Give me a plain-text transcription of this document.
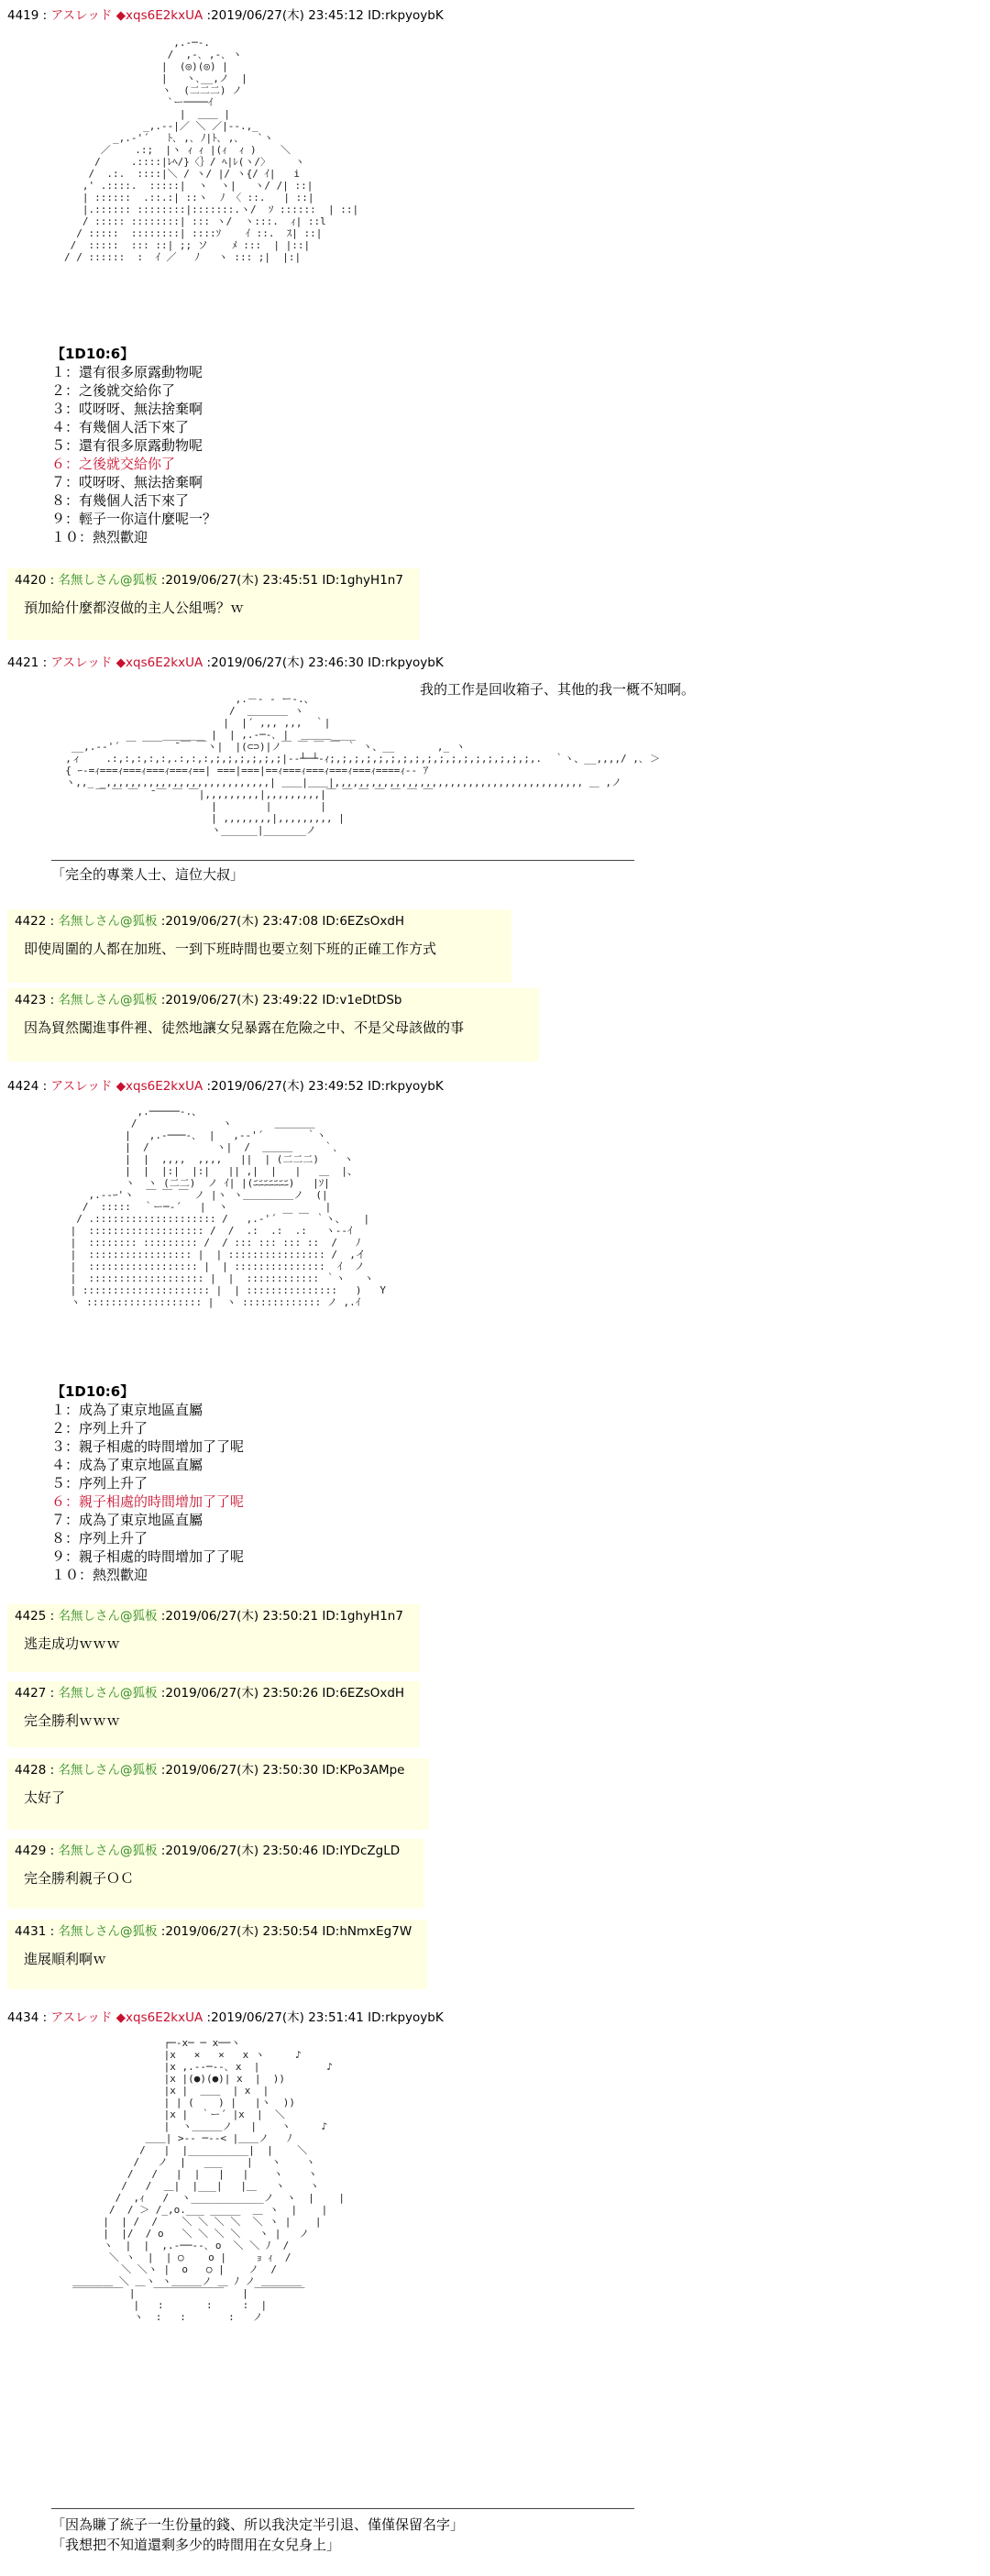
4419 : アスレッド ◆xqs6E2kxUA :2019/06/27(木) 23:45:12 ID:rkpyoybK
,.-─-.
/  ,-､ ,-､ ヽ
|  (◎)(◎) |
|   ヽ､__,ノ  |
ヽ  (二二二) ノ
`ー────ｲ
|  ＿＿ |
_,.-‐|／ ＼ ／|‐-.,_
_,.-'´   ﾄ､ ,､ ﾉ|ﾄ､ ,､   `ヽ
／    .:;  |ヽ ｨ ｨ |(ｨ  ｨ )    ＼
/     .::::|ﾚﾍ/}〈｝/ ﾍ|ﾚ(ヽ/〉    ヽ
/  .:.  ::::|＼ / ヽ/ |/ ヽ{/ ｲ|   i
,' .::::.  :::::|  ヽ  ヽ|   ヽ/ /| ::|
| ::::::  .::.:| ::ヽ  ﾉ 〈 ::.   | ::|
|.:::::: ::::::::|:::::::.ヽ/  ｿ ::::::  | ::|
/ ::::: ::::::::| ::: ヽ/  ヽ:::.  ｨ| ::l
/ :::::  ::::::::| ::::ｿ    ｲ ::.  ｽ| ::|
/  :::::  ::: ::| ;; ソ    ﾒ :::  | |::|
/ / ::::::  :  ｲ ／   ﾉ   ヽ ::: ;|  |:|

【1D10:6】
１：還有很多原露動物呢
２：之後就交給你了
３：哎呀呀、無法捨棄啊
４：有幾個人活下來了
５：還有很多原露動物呢
６：之後就交給你了
７：哎呀呀、無法捨棄啊
８：有幾個人活下來了
９：輕子一你這什麼呢一？
１０：熱烈歡迎
4420 : 名無しさん@狐板 :2019/06/27(木) 23:45:51 ID:1ghyH1n7
預加給什麼都沒做的主人公組嗎？ｗ
4421 : アスレッド ◆xqs6E2kxUA :2019/06/27(木) 23:46:30 ID:rkpyoybK
我的工作是回收箱子、其他的我一概不知啊。
,.－‐ ‐ ー-.、
/  ＿＿＿＿ ヽ
|  |´ ,,, ,,,  ｀|
_______ |  | ,.-─-､ |  ＿＿＿____
__,.-‐'´ ￣ ￣￣  ̄ ￣ ￣ヽ|  |(⊂⊃)|ノ￣ ￣ ￣ ￣ ｀ ヽ、__       ,_ ヽ
,ィ    .:,:,:,:,:,.:,:,:,;,;,;,;,;,;|‐-┴─┴-ｨ;,;,;,;,;,;,;,;,;,;,;,;,;,;,;,;,;,.  ｀ヽ、__,,,,/ ,､ ＞
{ ｰ-=ｨ===ｨ===ｨ===ｨ===ｨ==| ===|===|==ｨ===ｨ===ｨ===ｨ===ｨ====ｨ-‐ ｱ
ヽ,,_ _,,,,,,,,,,,,,,,,,,,,,,,,,,,| ＿＿|＿＿|,,,,,,,,,,,,,,,,,,,,,,,,,,,,,,,,,,,,,,,,, ＿ ,ノ
￣ ￣ ￣  ̄ ￣ ￣ ￣|,,,,,,,,,|,,,,,,,,,|￣ ￣ ￣ ￣ ￣ ￣ ￣
|        |        |
| ,,,,,,,,|,,,,,,,,, |
ヽ______|_______ノ

「完全的專業人士、這位大叔」
4422 : 名無しさん@狐板 :2019/06/27(木) 23:47:08 ID:6EZsOxdH
即使周圍的人都在加班、一到下班時間也要立刻下班的正確工作方式
4423 : 名無しさん@狐板 :2019/06/27(木) 23:49:22 ID:v1eDtDSb
因為貿然闖進事件裡、徒然地讓女兒暴露在危險之中、不是父母該做的事
4424 : アスレッド ◆xqs6E2kxUA :2019/06/27(木) 23:49:52 ID:rkpyoybK
,.─────-.、
/              ヽ       ＿＿＿＿
|   ,.-───-､  |   ,-‐'´       ｀ヽ
|  /           ヽ|  /  ＿＿＿     ｀､
|  |  ,,,,  ,,,,   ||  | (二二二)    ヽ
|  |  |:|  |:|   || ,|  |   |   ＿  |、
ヽ  ヽ (二二)  ノ ｲ| |(ﾆﾆﾆﾆﾆﾆﾆ)   |ｿ|
,.-‐ｰ'ヽ  ￣ ￣ ￣ ノ |ヽ ヽ＿＿＿＿＿ノ  (|
/  :::::  ｀ー─‐´   |  ヽ                |
/ .:::::::::::::::::::: /   ,.-'´ ￣ ￣ ｀ヽ、   |
|  ::::::::::::::::::: /  /  .:  .:  .:   ヽ-‐ｲ
|  :::::::: ::::::::: /  / ::: ::: ::: ::  /   ﾉ
|  ::::::::::::::::: |  | :::::::::::::::: /  ,イ
|  :::::::::::::::::: |  | :::::::::::::::  ｲ  ノ
|  ::::::::::::::::::: |  |  :::::::::::: ｀ヽ   ヽ
| ::::::::::::::::::::: |  | :::::::::::::::   )   Y
ヽ ::::::::::::::::::: |  ヽ ::::::::::::: ノ ,.ｲ

【1D10:6】
１：成為了東京地區直屬
２：序列上升了
３：親子相處的時間增加了了呢
４：成為了東京地區直屬
５：序列上升了
６：親子相處的時間增加了了呢
７：成為了東京地區直屬
８：序列上升了
９：親子相處的時間增加了了呢
１０：熱烈歡迎
4425 : 名無しさん@狐板 :2019/06/27(木) 23:50:21 ID:1ghyH1n7
逃走成功ｗｗｗ
4427 : 名無しさん@狐板 :2019/06/27(木) 23:50:26 ID:6EZsOxdH
完全勝利ｗｗｗ
4428 : 名無しさん@狐板 :2019/06/27(木) 23:50:30 ID:KPo3AMpe
太好了
4429 : 名無しさん@狐板 :2019/06/27(木) 23:50:46 ID:IYDcZgLD
完全勝利親子ＯＣ
4431 : 名無しさん@狐板 :2019/06/27(木) 23:50:54 ID:hNmxEg7W
進展順利啊ｗ
4434 : アスレッド ◆xqs6E2kxUA :2019/06/27(木) 23:51:41 ID:rkpyoybK
┌─-x─ ─ x──ヽ
|x   ×   ×   x ヽ     ♪
|x ,.-‐─‐-､ x  |           ♪
|x |(●)(●)| x  |  ))
|x |  ＿＿  | x  |
| | (    ) |   |ヽ  ))
|x |  ｀ー´ |x  |  ＼
|  ヽ＿＿＿ノ   |    ヽ     ♪
＿＿| >-‐ ─‐-< |＿＿ノ   ﾉ
/   |  |__________|  |    ＼
/   ノ  |   ___    |   ヽ    ヽ
/   /   |  |   |   |    ヽ    ヽ
/   /  ＿|  |___|   |＿   ヽ    ヽ
/  ,ｨ   /  ヽ____________ノ  ヽ  |    |
/  / ＞ /_,o.___ _____  ＿ ヽ  |    |
|  | /  /    ＼ ＼ ＼ ＼  ＼ ヽ |    |
|  |/  / o   ＼ ＼ ＼ ＼   ヽ |   ノ
ヽ  |  |  ,.-──‐-､ o  ＼ ＼ ﾉ  /
＼ ヽ  |  | ○    o |     ｮ ｨ  /
＼ ＼ヽ |  o   ○ |    ノ  /
＿＿＿＿ ＼ ＿ヽ ヽ＿＿＿ノ ＿ ﾉ ノ ＿＿＿＿
￣￣￣￣￣ |   ￣￣￣￣￣￣￣   | ￣￣￣￣￣
|   :       :     :  |
ヽ  :   :       :   ノ

「因為賺了統子一生份量的錢、所以我決定半引退、僅僅保留名字」
「我想把不知道還剩多少的時間用在女兒身上」
